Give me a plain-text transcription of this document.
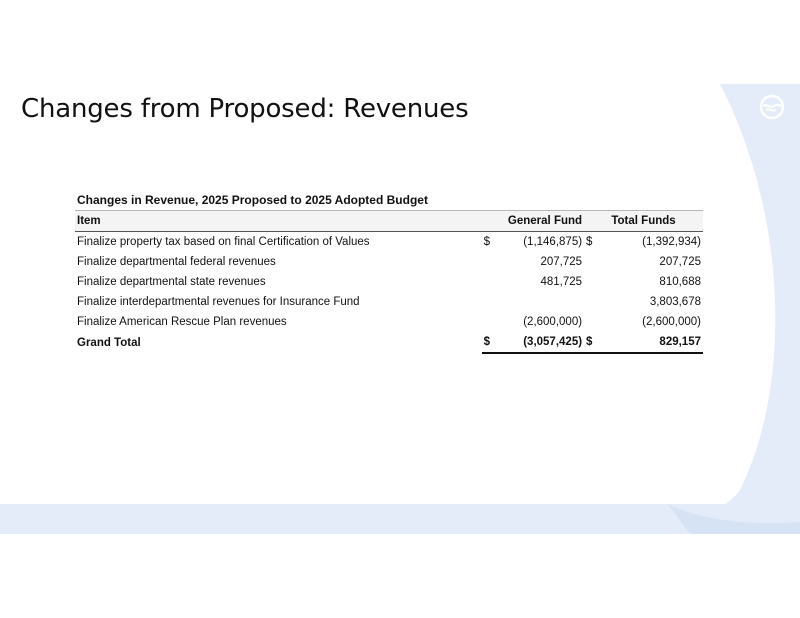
Changes from Proposed: Revenues
Changes in Revenue, 2025 Proposed to 2025 Adopted Budget
Item	General Fund		Total Funds	
Finalize property tax based on final Certification of Values	$	(1,146,875)	$	(1,392,934)
Finalize departmental federal revenues		207,725		207,725
Finalize departmental state revenues		481,725		810,688
Finalize interdepartmental revenues for Insurance Fund				3,803,678
Finalize American Rescue Plan revenues		(2,600,000)		(2,600,000)
Grand Total	$	(3,057,425)	$	829,157
